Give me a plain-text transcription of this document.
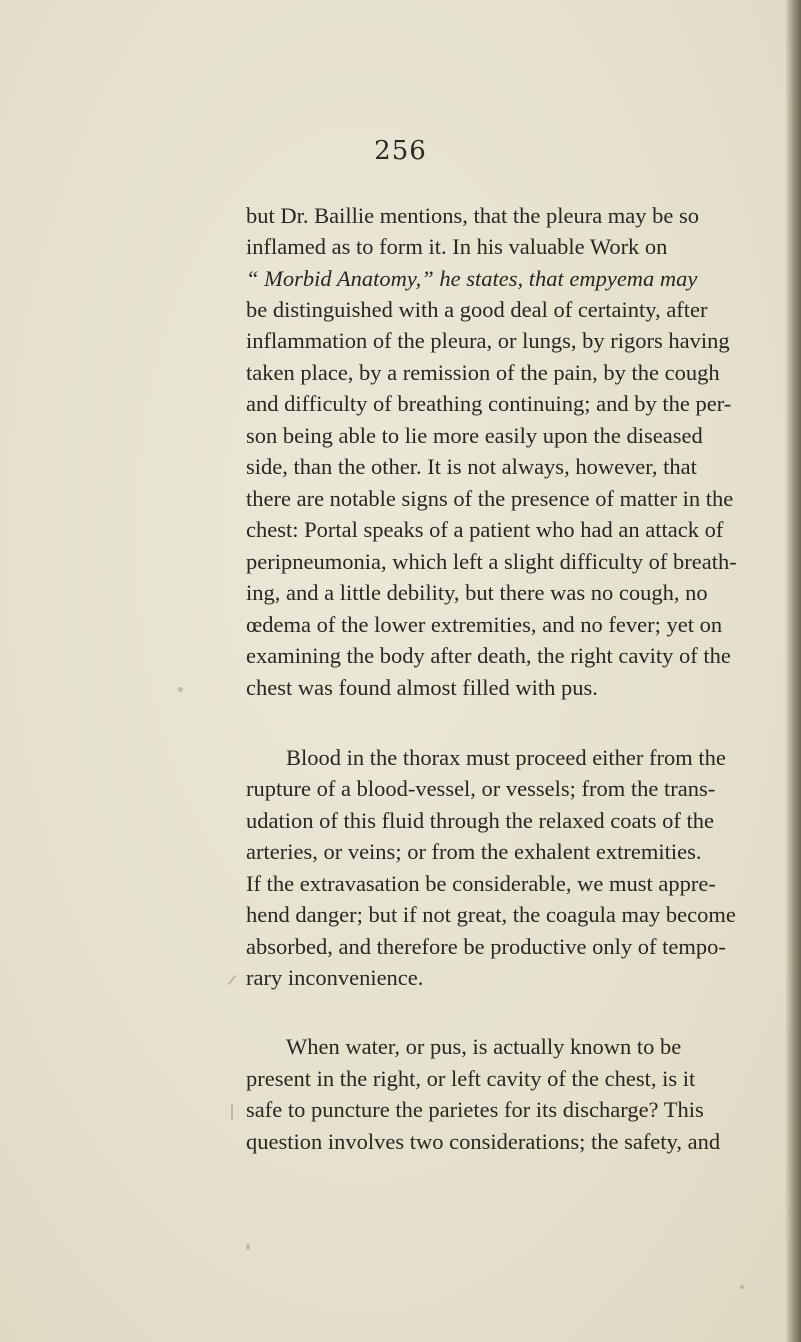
256
but Dr. Baillie mentions, that the pleura may be so
inflamed as to form it. In his valuable Work on
“ Morbid Anatomy,” he states, that empyema may
be distinguished with a good deal of certainty, after
inflammation of the pleura, or lungs, by rigors having
taken place, by a remission of the pain, by the cough
and difficulty of breathing continuing; and by the per-
son being able to lie more easily upon the diseased
side, than the other. It is not always, however, that
there are notable signs of the presence of matter in the
chest: Portal speaks of a patient who had an attack of
peripneumonia, which left a slight difficulty of breath-
ing, and a little debility, but there was no cough, no
œdema of the lower extremities, and no fever; yet on
examining the body after death, the right cavity of the
chest was found almost filled with pus.
Blood in the thorax must proceed either from the
rupture of a blood-vessel, or vessels; from the trans-
udation of this fluid through the relaxed coats of the
arteries, or veins; or from the exhalent extremities.
If the extravasation be considerable, we must appre-
hend danger; but if not great, the coagula may become
absorbed, and therefore be productive only of tempo-
rary inconvenience.
When water, or pus, is actually known to be
present in the right, or left cavity of the chest, is it
safe to puncture the parietes for its discharge? This
question involves two considerations; the safety, and
